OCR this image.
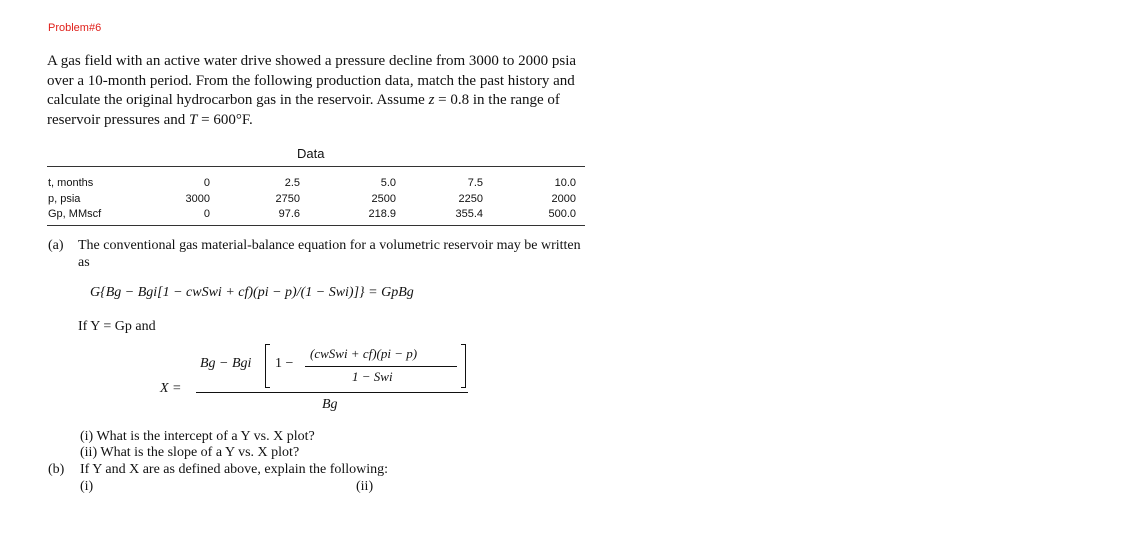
Problem#6
A gas field with an active water drive showed a pressure decline from 3000 to 2000 psia over a 10-month period. From the following production data, match the past history and calculate the original hydrocarbon gas in the reservoir. Assume z = 0.8 in the range of reservoir pressures and T = 600°F.
Data
t, months	0	2.5	5.0	7.5	10.0
p, psia	3000	2750	2500	2250	2000
Gp, MMscf	0	97.6	218.9	355.4	500.0
(a) The conventional gas material-balance equation for a volumetric reservoir may be written as
G{Bg − Bgi[1 − cwSwi + cf)(pi − p)/(1 − Swi)]} = GpBg
If Y = Gp and
X =
Bg − Bgi 1 −
(cwSwi + cf)(pi − p)
1 − Swi
Bg
(i) What is the intercept of a Y vs. X plot?
(ii) What is the slope of a Y vs. X plot?
(b) If Y and X are as defined above, explain the following:
(i)	(ii)
